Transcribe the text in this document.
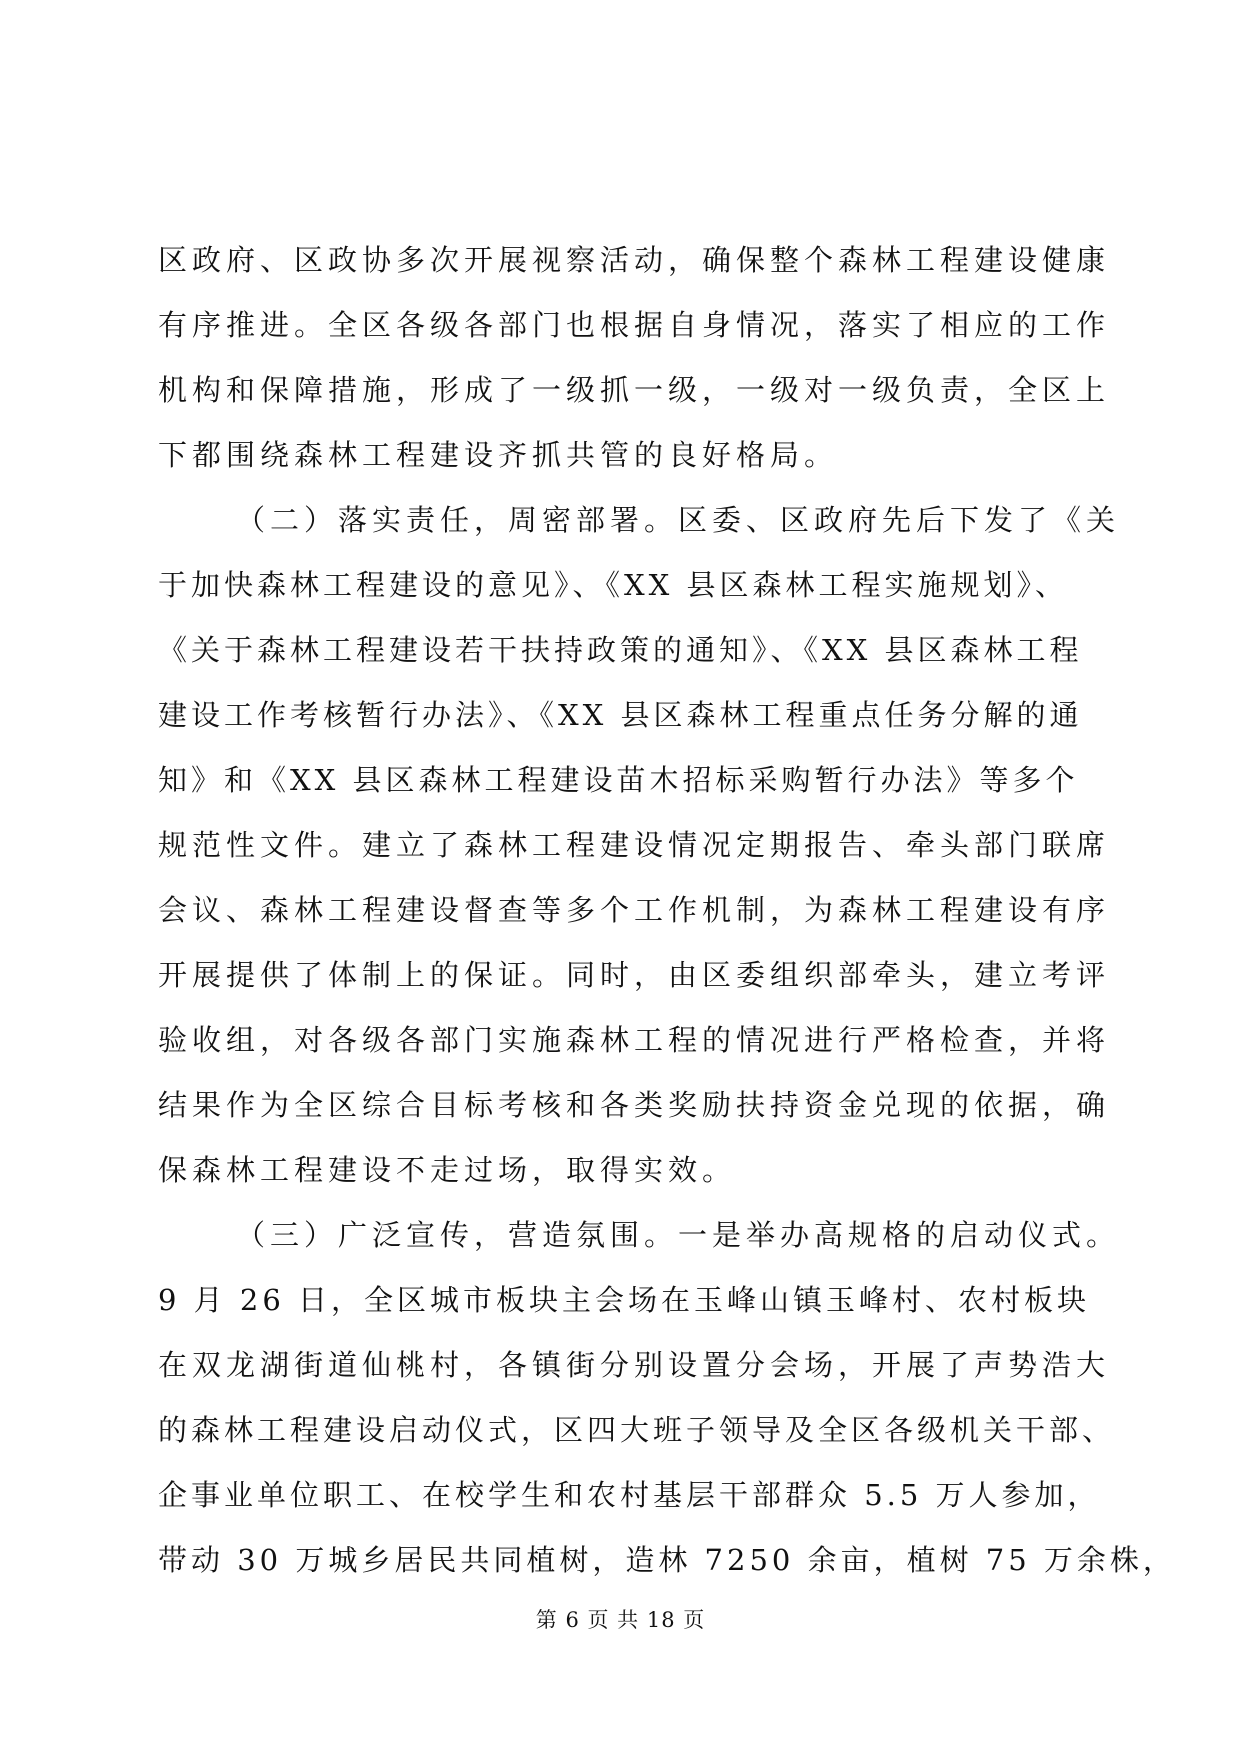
区政府、区政协多次开展视察活动，确保整个森林工程建设健康
有序推进。全区各级各部门也根据自身情况，落实了相应的工作
机构和保障措施，形成了一级抓一级，一级对一级负责，全区上
下都围绕森林工程建设齐抓共管的良好格局。
（二）落实责任，周密部署。区委、区政府先后下发了《关
于加快森林工程建设的意见》、《XX 县区森林工程实施规划》、
《关于森林工程建设若干扶持政策的通知》、《XX 县区森林工程
建设工作考核暂行办法》、《XX 县区森林工程重点任务分解的通
知》和《XX 县区森林工程建设苗木招标采购暂行办法》等多个
规范性文件。建立了森林工程建设情况定期报告、牵头部门联席
会议、森林工程建设督查等多个工作机制，为森林工程建设有序
开展提供了体制上的保证。同时，由区委组织部牵头，建立考评
验收组，对各级各部门实施森林工程的情况进行严格检查，并将
结果作为全区综合目标考核和各类奖励扶持资金兑现的依据，确
保森林工程建设不走过场，取得实效。
（三）广泛宣传，营造氛围。一是举办高规格的启动仪式。
9 月 26 日，全区城市板块主会场在玉峰山镇玉峰村、农村板块
在双龙湖街道仙桃村，各镇街分别设置分会场，开展了声势浩大
的森林工程建设启动仪式，区四大班子领导及全区各级机关干部、
企事业单位职工、在校学生和农村基层干部群众 5.5 万人参加，
带动 30 万城乡居民共同植树，造林 7250 余亩，植树 75 万余株，
第 6 页 共 18 页
